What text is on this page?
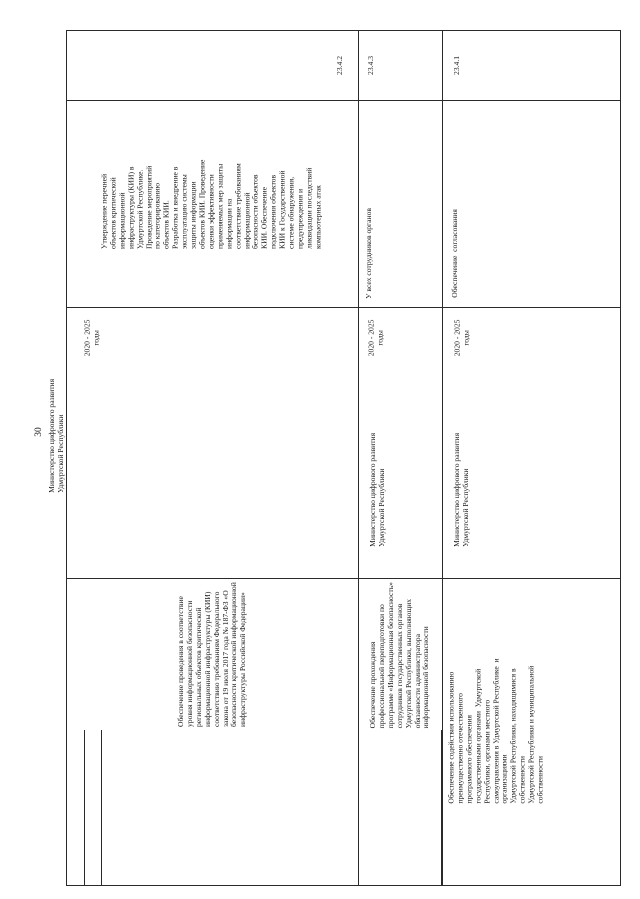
30
Обеспечение проведения в соответствие
уровня информационной безопасности
региональных объектов критической
информационной инфраструктуры (КИИ)
соответствию требованиям Федерального
закона от 19 июля 2017 года № 187-ФЗ «О
безопасности критической информационной
инфраструктуры Российской Федерации»
Министерство цифрового развития
Удмуртской Республики
2020 - 2025
годы
Утверждение перечней
объектов критической
информационной
инфраструктуры (КИИ) в
Удмуртской Республике.
Проведение мероприятий
по категорированию
объектов КИИ.
Разработка и внедрение в
эксплуатацию системы
защиты информации
объектов КИИ. Проведение
оценки эффективности
применяемых мер защиты
информации на
соответствие требованиям
информационной
безопасности объектов
КИИ. Обеспечение
подключения объектов
КИИ к Государственной
системе обнаружения,
предупреждения и
ликвидации последствий
компьютерных атак
23.4.2
Обеспечение прохождения
профессиональной переподготовки по
программе «Информационная безопасность»
сотрудников государственных органов
Удмуртской Республики, выполняющих
обязанности администратора
информационной безопасности
Министерство цифрового развития
Удмуртской Республики
2020 - 2025
годы
У всех сотрудников органов
23.4.3
Обеспечение содействия использованию
преимущественно отечественного
программного обеспечения
государственными органами  Удмуртской
Республики, органами местного
самоуправления в Удмуртской Республике  и
организациями
Удмуртской Республики, находящимися в
собственности
Удмуртской Республики и муниципальной
собственности
Министерство цифрового развития
Удмуртской Республики
2020 - 2025
годы
Обеспечение  согласования
23.4.1
